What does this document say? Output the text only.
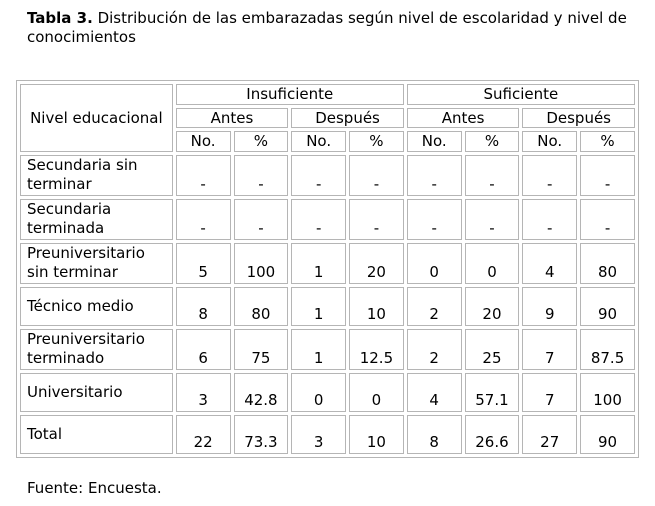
Tabla 3. Distribución de las embarazadas según nivel de escolaridad y nivel de conocimientos
Nivel educacional	Insuficiente				Suficiente			
	Antes		Después		Antes		Después	
	No.	%	No.	%	No.	%	No.	%
Secundaria sin terminar	-	-	-	-	-	-	-	-
Secundaria terminada	-	-	-	-	-	-	-	-
Preuniversitario sin terminar	5	100	1	20	0	0	4	80
Técnico medio	8	80	1	10	2	20	9	90
Preuniversitario terminado	6	75	1	12.5	2	25	7	87.5
Universitario	3	42.8	0	0	4	57.1	7	100
Total	22	73.3	3	10	8	26.6	27	90
Fuente: Encuesta.
